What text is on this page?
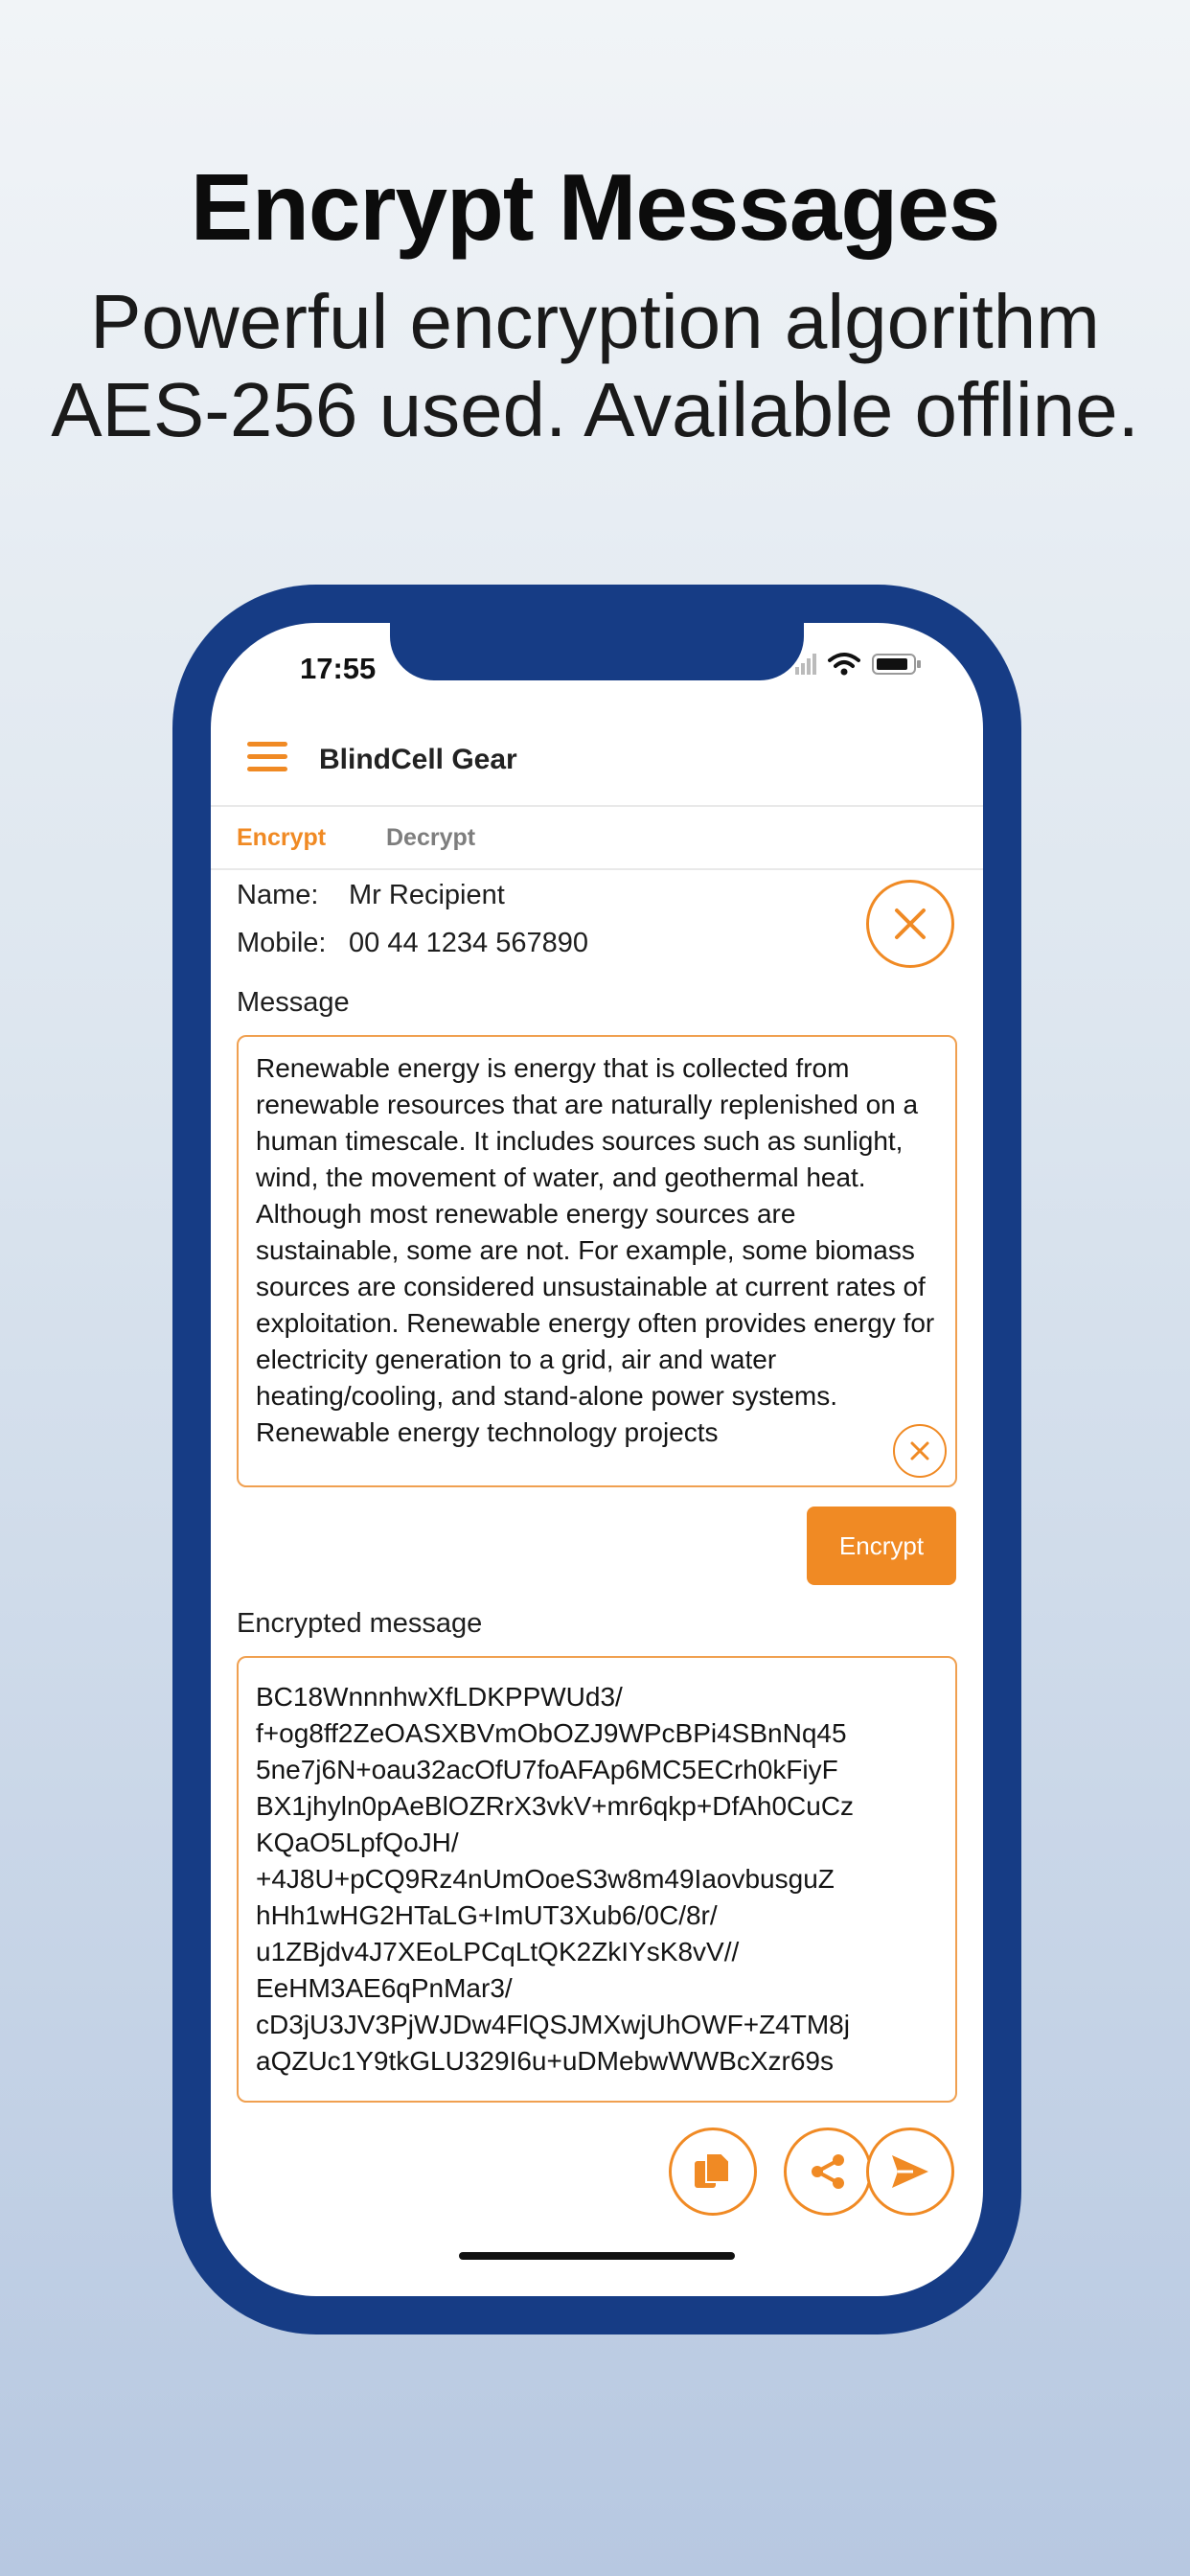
Encrypt Messages
Powerful encryption algorithm
AES-256 used. Available offline.
17:55
BlindCell Gear
Encrypt	Decrypt
Name: Mr Recipient
Mobile: 00 44 1234 567890
Message
Renewable energy is energy that is collected from renewable resources that are naturally replenished on a human timescale. It includes sources such as sunlight, wind, the movement of water, and geothermal heat. Although most renewable energy sources are sustainable, some are not. For example, some biomass sources are considered unsustainable at current rates of exploitation. Renewable energy often provides energy for electricity generation to a grid, air and water heating/cooling, and stand-alone power systems. Renewable energy technology projects
Encrypt
Encrypted message
BC18WnnnhwXfLDKPPWUd3/
f+og8ff2ZeOASXBVmObOZJ9WPcBPi4SBnNq45
5ne7j6N+oau32acOfU7foAFAp6MC5ECrh0kFiyF
BX1jhyln0pAeBlOZRrX3vkV+mr6qkp+DfAh0CuCz
KQaO5LpfQoJH/
+4J8U+pCQ9Rz4nUmOoeS3w8m49IaovbusguZ
hHh1wHG2HTaLG+ImUT3Xub6/0C/8r/
u1ZBjdv4J7XEoLPCqLtQK2ZkIYsK8vV//
EeHM3AE6qPnMar3/
cD3jU3JV3PjWJDw4FlQSJMXwjUhOWF+Z4TM8j
aQZUc1Y9tkGLU329I6u+uDMebwWWBcXzr69s
